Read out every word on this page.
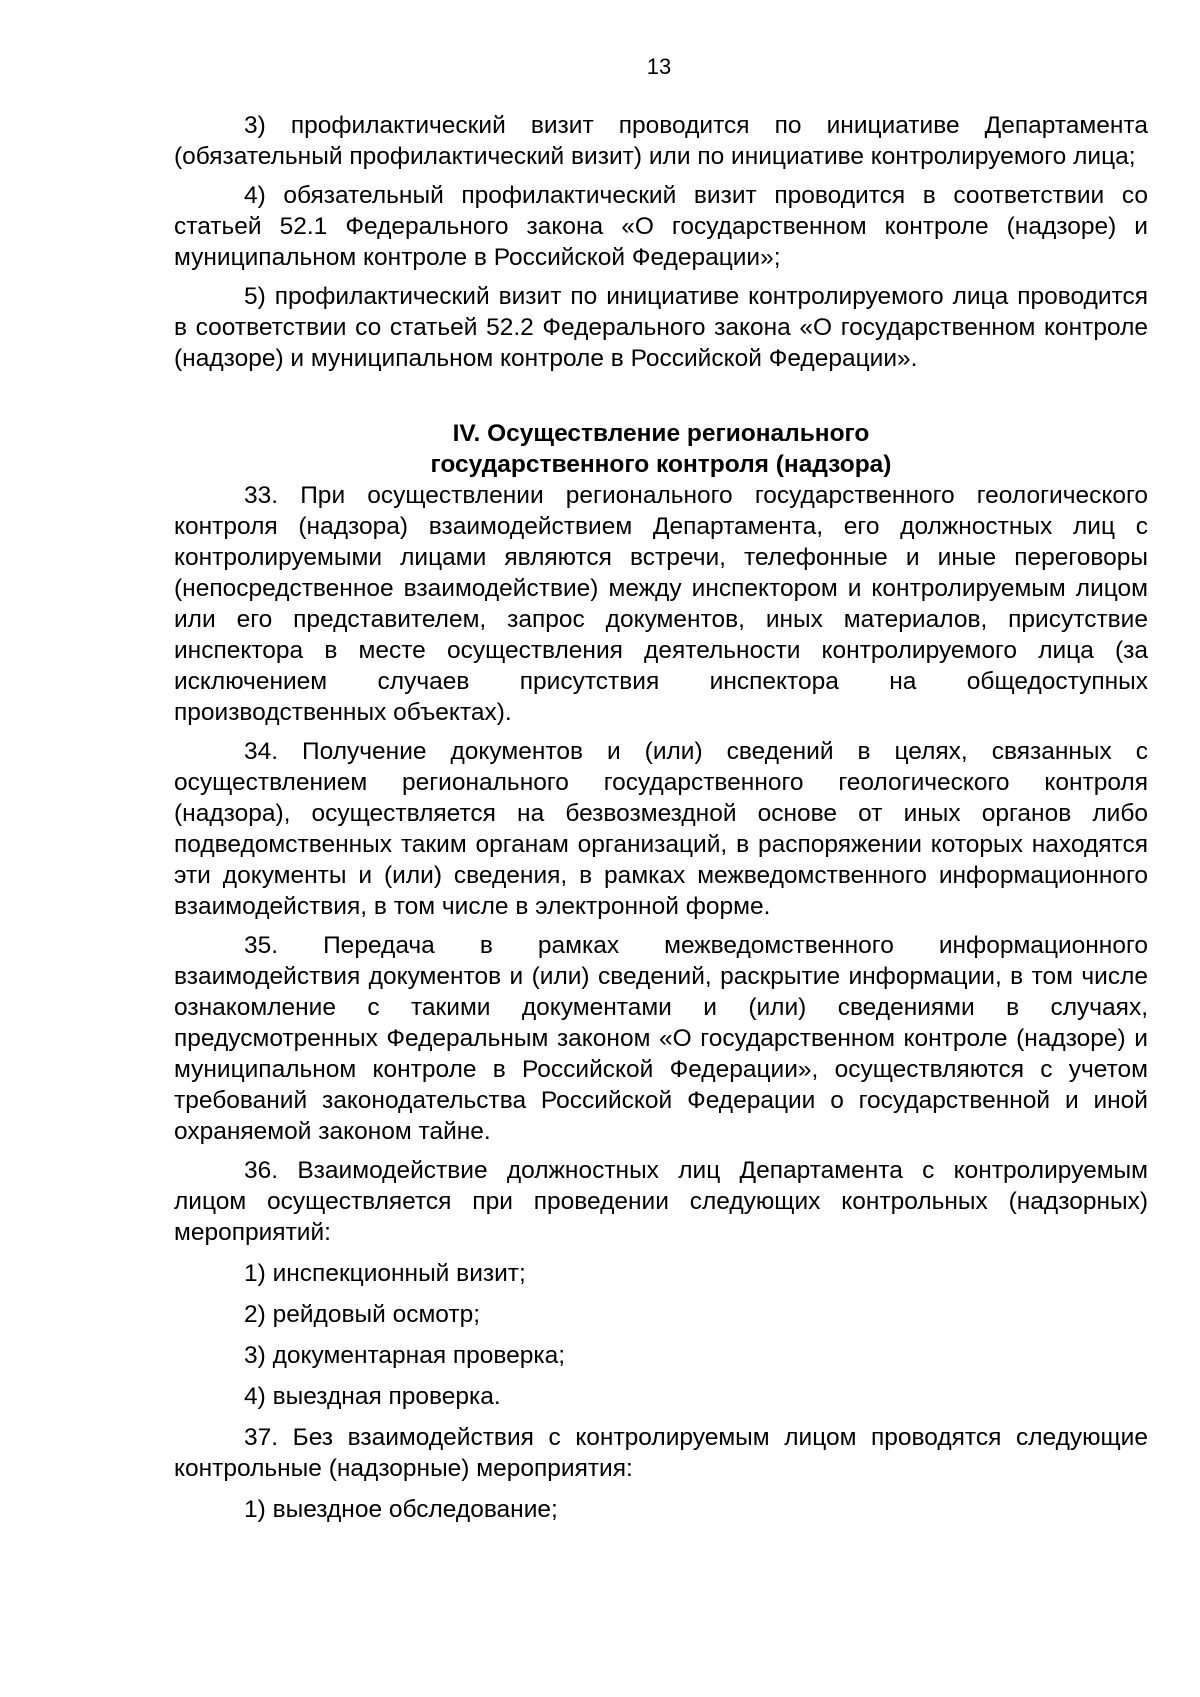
13

3) профилактический визит проводится по инициативе Департамента (обязательный профилактический визит) или по инициативе контролируемого лица;

4) обязательный профилактический визит проводится в соответствии со статьей 52.1 Федерального закона «О государственном контроле (надзоре) и муниципальном контроле в Российской Федерации»;

5) профилактический визит по инициативе контролируемого лица проводится в соответствии со статьей 52.2 Федерального закона «О государственном контроле (надзоре) и муниципальном контроле в Российской Федерации».

IV. Осуществление регионального
государственного контроля (надзора)

33. При осуществлении регионального государственного геологического контроля (надзора) взаимодействием Департамента, его должностных лиц с контролируемыми лицами являются встречи, телефонные и иные переговоры (непосредственное взаимодействие) между инспектором и контролируемым лицом или его представителем, запрос документов, иных материалов, присутствие инспектора в месте осуществления деятельности контролируемого лица (за исключением случаев присутствия инспектора на общедоступных производственных объектах).

34. Получение документов и (или) сведений в целях, связанных с осуществлением регионального государственного геологического контроля (надзора), осуществляется на безвозмездной основе от иных органов либо подведомственных таким органам организаций, в распоряжении которых находятся эти документы и (или) сведения, в рамках межведомственного информационного взаимодействия, в том числе в электронной форме.

35. Передача в рамках межведомственного информационного взаимодействия документов и (или) сведений, раскрытие информации, в том числе ознакомление с такими документами и (или) сведениями в случаях, предусмотренных Федеральным законом «О государственном контроле (надзоре) и муниципальном контроле в Российской Федерации», осуществляются с учетом требований законодательства Российской Федерации о государственной и иной охраняемой законом тайне.

36. Взаимодействие должностных лиц Департамента с контролируемым лицом осуществляется при проведении следующих контрольных (надзорных) мероприятий:

1) инспекционный визит;

2) рейдовый осмотр;

3) документарная проверка;

4) выездная проверка.

37. Без взаимодействия с контролируемым лицом проводятся следующие контрольные (надзорные) мероприятия:

1) выездное обследование;
